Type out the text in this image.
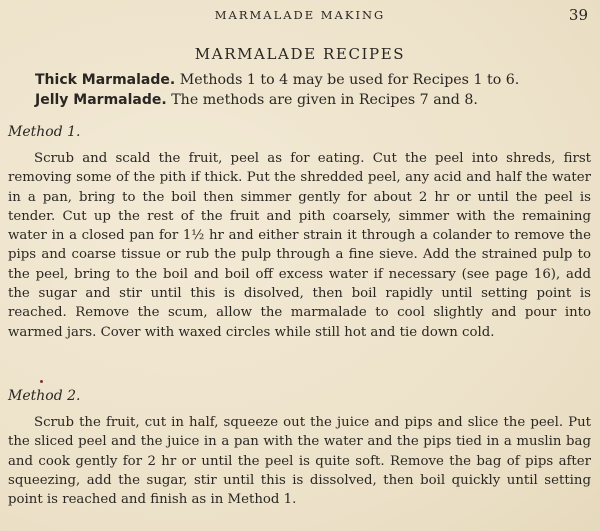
MARMALADE MAKING	39
MARMALADE RECIPES
Thick Marmalade. Methods 1 to 4 may be used for Recipes 1 to 6.
Jelly Marmalade. The methods are given in Recipes 7 and 8.
Method 1.

Scrub and scald the fruit, peel as for eating. Cut the peel into shreds, first removing some of the pith if thick. Put the shredded peel, any acid and half the water in a pan, bring to the boil then simmer gently for about 2 hr or until the peel is tender. Cut up the rest of the fruit and pith coarsely, simmer with the remaining water in a closed pan for 1½ hr and either strain it through a colander to remove the pips and coarse tissue or rub the pulp through a fine sieve. Add the strained pulp to the peel, bring to the boil and boil off excess water if necessary (see page 16), add the sugar and stir until this is disolved, then boil rapidly until setting point is reached. Remove the scum, allow the marmalade to cool slightly and pour into warmed jars. Cover with waxed circles while still hot and tie down cold.

Method 2.

Scrub the fruit, cut in half, squeeze out the juice and pips and slice the peel. Put the sliced peel and the juice in a pan with the water and the pips tied in a muslin bag and cook gently for 2 hr or until the peel is quite soft. Remove the bag of pips after squeezing, add the sugar, stir until this is dissolved, then boil quickly until setting point is reached and finish as in Method 1.
